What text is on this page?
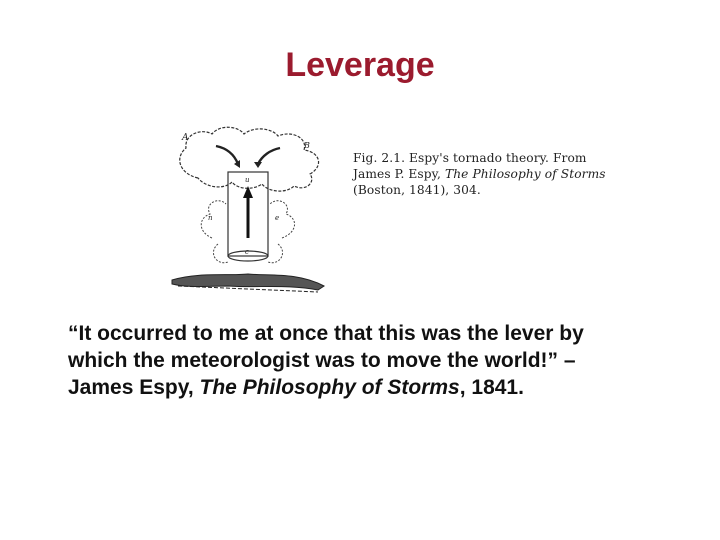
Leverage
A
B
u
n	e
c
Fig. 2.1. Espy's tornado theory. From
James P. Espy, The Philosophy of Storms
(Boston, 1841), 304.
“It occurred to me at once that this was the lever by
which the meteorologist was to move the world!” –
James Espy, The Philosophy of Storms, 1841.
